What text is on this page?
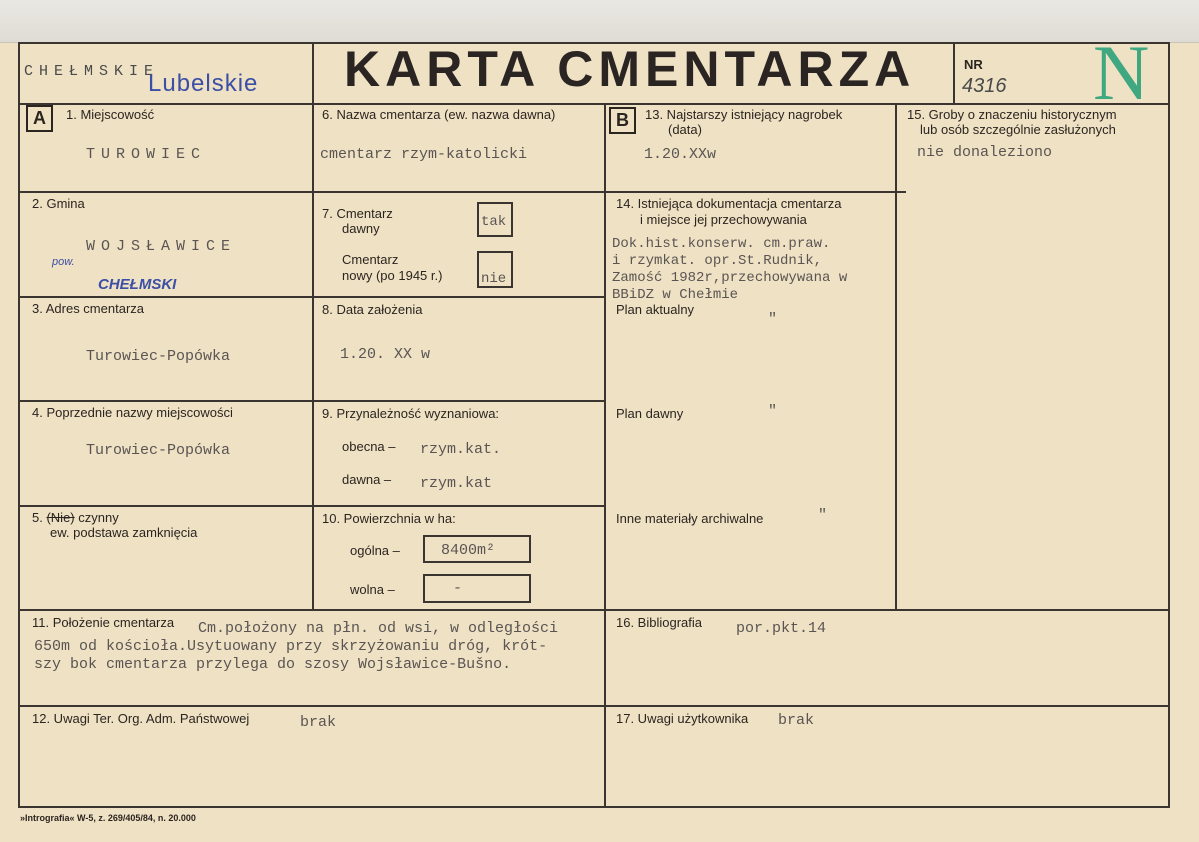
CHEŁMSKIE
Lubelskie KARTA CMENTARZA	NR
4316 N
A	B
1. Miejscowość
TUROWIEC
2. Gmina
WOJSŁAWICE
pow.
CHEŁMSKI
3. Adres cmentarza
Turowiec-Popówka
4. Poprzednie nazwy miejscowości
Turowiec-Popówka
5. (Nie) czynny
ew. podstawa zamknięcia
6. Nazwa cmentarza (ew. nazwa dawna)
cmentarz rzym-katolicki
7. Cmentarz
dawny	tak
Cmentarz
nowy (po 1945 r.)	nie
8. Data założenia
1.20. XX w
9. Przynależność wyznaniowa:
obecna – rzym.kat.
dawna – rzym.kat
10. Powierzchnia w ha:
ogólna –	8400m²
wolna –	-
13. Najstarszy istniejący nagrobek
(data)
1.20.XXw
14. Istniejąca dokumentacja cmentarza
i miejsce jej przechowywania
Dok.hist.konserw. cm.praw.
i rzymkat. opr.St.Rudnik,
Zamość 1982r,przechowywana w
BBiDZ w Chełmie
Plan aktualny
"
Plan dawny	"
Inne materiały archiwalne	"
15. Groby o znaczeniu historycznym
lub osób szczególnie zasłużonych
nie donaleziono
11. Położenie cmentarza Cm.położony na płn. od wsi, w odległości
650m od kościoła.Usytuowany przy skrzyżowaniu dróg, krót-
szy bok cmentarza przylega do szosy Wojsławice-Bušno.
16. Bibliografia por.pkt.14
12. Uwagi Ter. Org. Adm. Państwowej	brak	17. Uwagi użytkownika brak
»Intrografia« W-5, z. 269/405/84, n. 20.000
